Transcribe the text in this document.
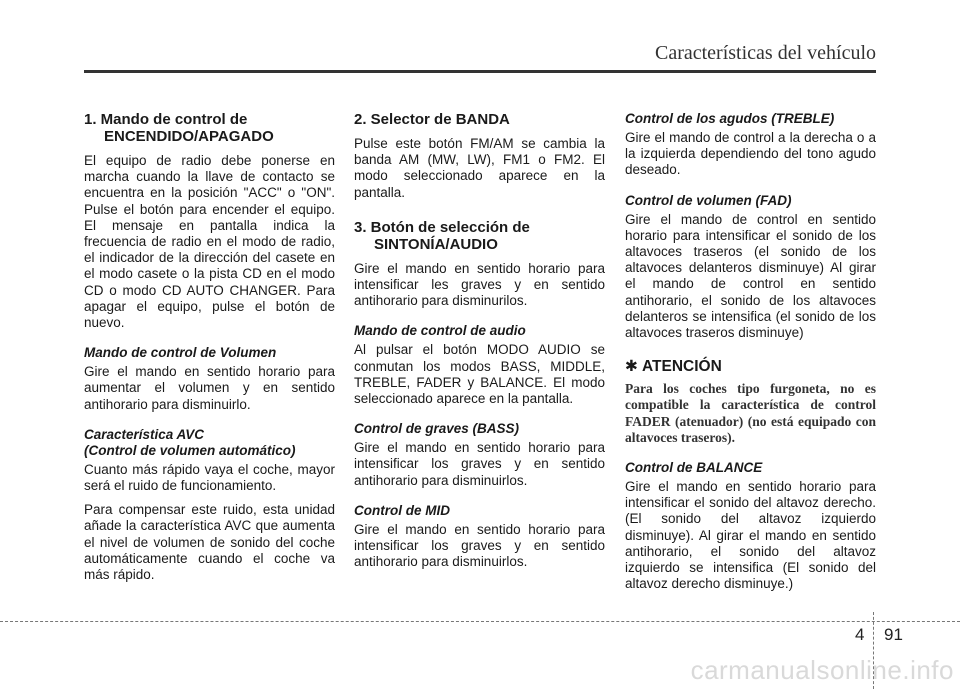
Características del vehículo
1. Mando de control de ENCENDIDO/APAGADO

El equipo de radio debe ponerse en marcha cuando la llave de contacto se encuentra en la posición "ACC" o "ON". Pulse el botón para encender el equipo. El mensaje en pantalla indica la frecuencia de radio en el modo de radio, el indicador de la dirección del casete en el modo casete o la pista CD en el modo CD o modo CD AUTO CHANGER. Para apagar el equipo, pulse el botón de nuevo.

Mando de control de Volumen

Gire el mando en sentido horario para aumentar el volumen y en sentido antihorario para disminuirlo.

Característica AVC
(Control de volumen automático)

Cuanto más rápido vaya el coche, mayor será el ruido de funcionamiento.

Para compensar este ruido, esta unidad añade la característica AVC que aumenta el nivel de volumen de sonido del coche automáticamente cuando el coche va más rápido.

2. Selector de BANDA

Pulse este botón FM/AM se cambia la banda AM (MW, LW), FM1 o FM2. El modo seleccionado aparece en la pantalla.

3. Botón de selección de SINTONÍA/AUDIO

Gire el mando en sentido horario para intensificar les graves y en sentido antihorario para disminurilos.

Mando de control de audio

Al pulsar el botón MODO AUDIO se conmutan los modos BASS, MIDDLE, TREBLE, FADER y BALANCE. El modo seleccionado aparece en la pantalla.

Control de graves (BASS)

Gire el mando en sentido horario para intensificar los graves y en sentido antihorario para disminuirlos.

Control de MID

Gire el mando en sentido horario para intensificar los graves y en sentido antihorario para disminuirlos.

Control de los agudos (TREBLE)

Gire el mando de control a la derecha o a la izquierda dependiendo del tono agudo deseado.

Control de volumen (FAD)

Gire el mando de control en sentido horario para intensificar el sonido de los altavoces traseros (el sonido de los altavoces delanteros disminuye) Al girar el mando de control en sentido antihorario, el sonido de los altavoces delanteros se intensifica (el sonido de los altavoces traseros disminuye)

✱ ATENCIÓN

Para los coches tipo furgoneta, no es compatible la característica de control FADER (atenuador) (no está equipado con altavoces traseros).

Control de BALANCE

Gire el mando en sentido horario para intensificar el sonido del altavoz derecho. (El sonido del altavoz izquierdo disminuye). Al girar el mando en sentido antihorario, el sonido del altavoz izquierdo se intensifica (El sonido del altavoz derecho disminuye.)

4 91
carmanualsonline.info
